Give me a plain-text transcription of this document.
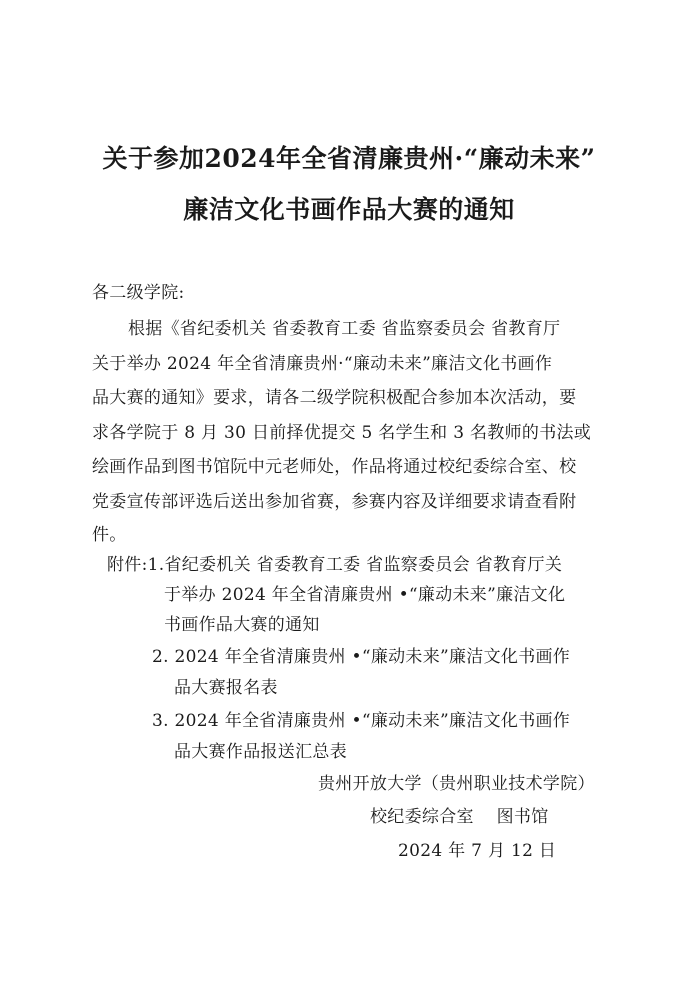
关于参加2024年全省清廉贵州·“廉动未来”
廉洁文化书画作品大赛的通知
各二级学院:
根据《省纪委机关 省委教育工委 省监察委员会 省教育厅
关于举办 2024 年全省清廉贵州·“廉动未来”廉洁文化书画作
品大赛的通知》要求，请各二级学院积极配合参加本次活动，要
求各学院于 8 月 30 日前择优提交 5 名学生和 3 名教师的书法或
绘画作品到图书馆阮中元老师处，作品将通过校纪委综合室、校
党委宣传部评选后送出参加省赛，参赛内容及详细要求请查看附
件。
附件:1.省纪委机关 省委教育工委 省监察委员会 省教育厅关
于举办 2024 年全省清廉贵州 •“廉动未来”廉洁文化
书画作品大赛的通知
2. 2024 年全省清廉贵州 •“廉动未来”廉洁文化书画作
品大赛报名表
3. 2024 年全省清廉贵州 •“廉动未来”廉洁文化书画作
品大赛作品报送汇总表
贵州开放大学（贵州职业技术学院）
校纪委综合室    图书馆
2024 年 7 月 12 日
